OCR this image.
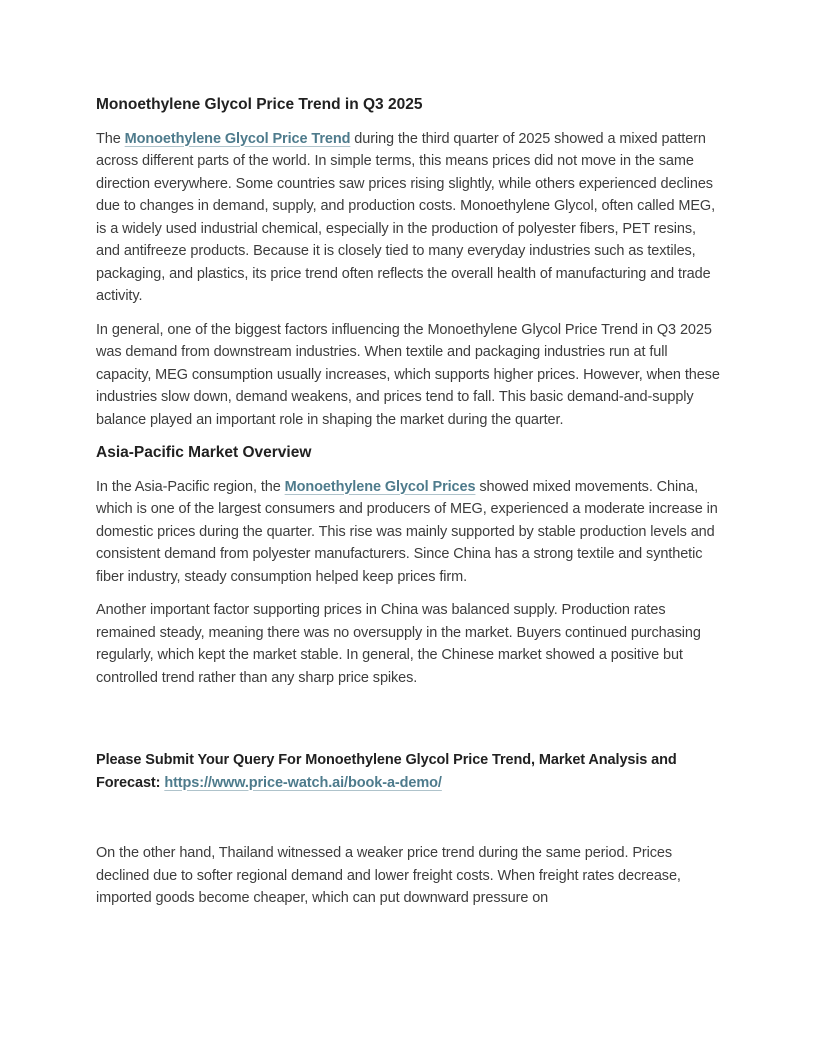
Monoethylene Glycol Price Trend in Q3 2025

The Monoethylene Glycol Price Trend during the third quarter of 2025 showed a mixed pattern across different parts of the world. In simple terms, this means prices did not move in the same direction everywhere. Some countries saw prices rising slightly, while others experienced declines due to changes in demand, supply, and production costs. Monoethylene Glycol, often called MEG, is a widely used industrial chemical, especially in the production of polyester fibers, PET resins, and antifreeze products. Because it is closely tied to many everyday industries such as textiles, packaging, and plastics, its price trend often reflects the overall health of manufacturing and trade activity.

In general, one of the biggest factors influencing the Monoethylene Glycol Price Trend in Q3 2025 was demand from downstream industries. When textile and packaging industries run at full capacity, MEG consumption usually increases, which supports higher prices. However, when these industries slow down, demand weakens, and prices tend to fall. This basic demand-and-supply balance played an important role in shaping the market during the quarter.

Asia-Pacific Market Overview

In the Asia-Pacific region, the Monoethylene Glycol Prices showed mixed movements. China, which is one of the largest consumers and producers of MEG, experienced a moderate increase in domestic prices during the quarter. This rise was mainly supported by stable production levels and consistent demand from polyester manufacturers. Since China has a strong textile and synthetic fiber industry, steady consumption helped keep prices firm.

Another important factor supporting prices in China was balanced supply. Production rates remained steady, meaning there was no oversupply in the market. Buyers continued purchasing regularly, which kept the market stable. In general, the Chinese market showed a positive but controlled trend rather than any sharp price spikes.

Please Submit Your Query For Monoethylene Glycol Price Trend, Market Analysis and Forecast: https://www.price-watch.ai/book-a-demo/

On the other hand, Thailand witnessed a weaker price trend during the same period. Prices declined due to softer regional demand and lower freight costs. When freight rates decrease, imported goods become cheaper, which can put downward pressure on
